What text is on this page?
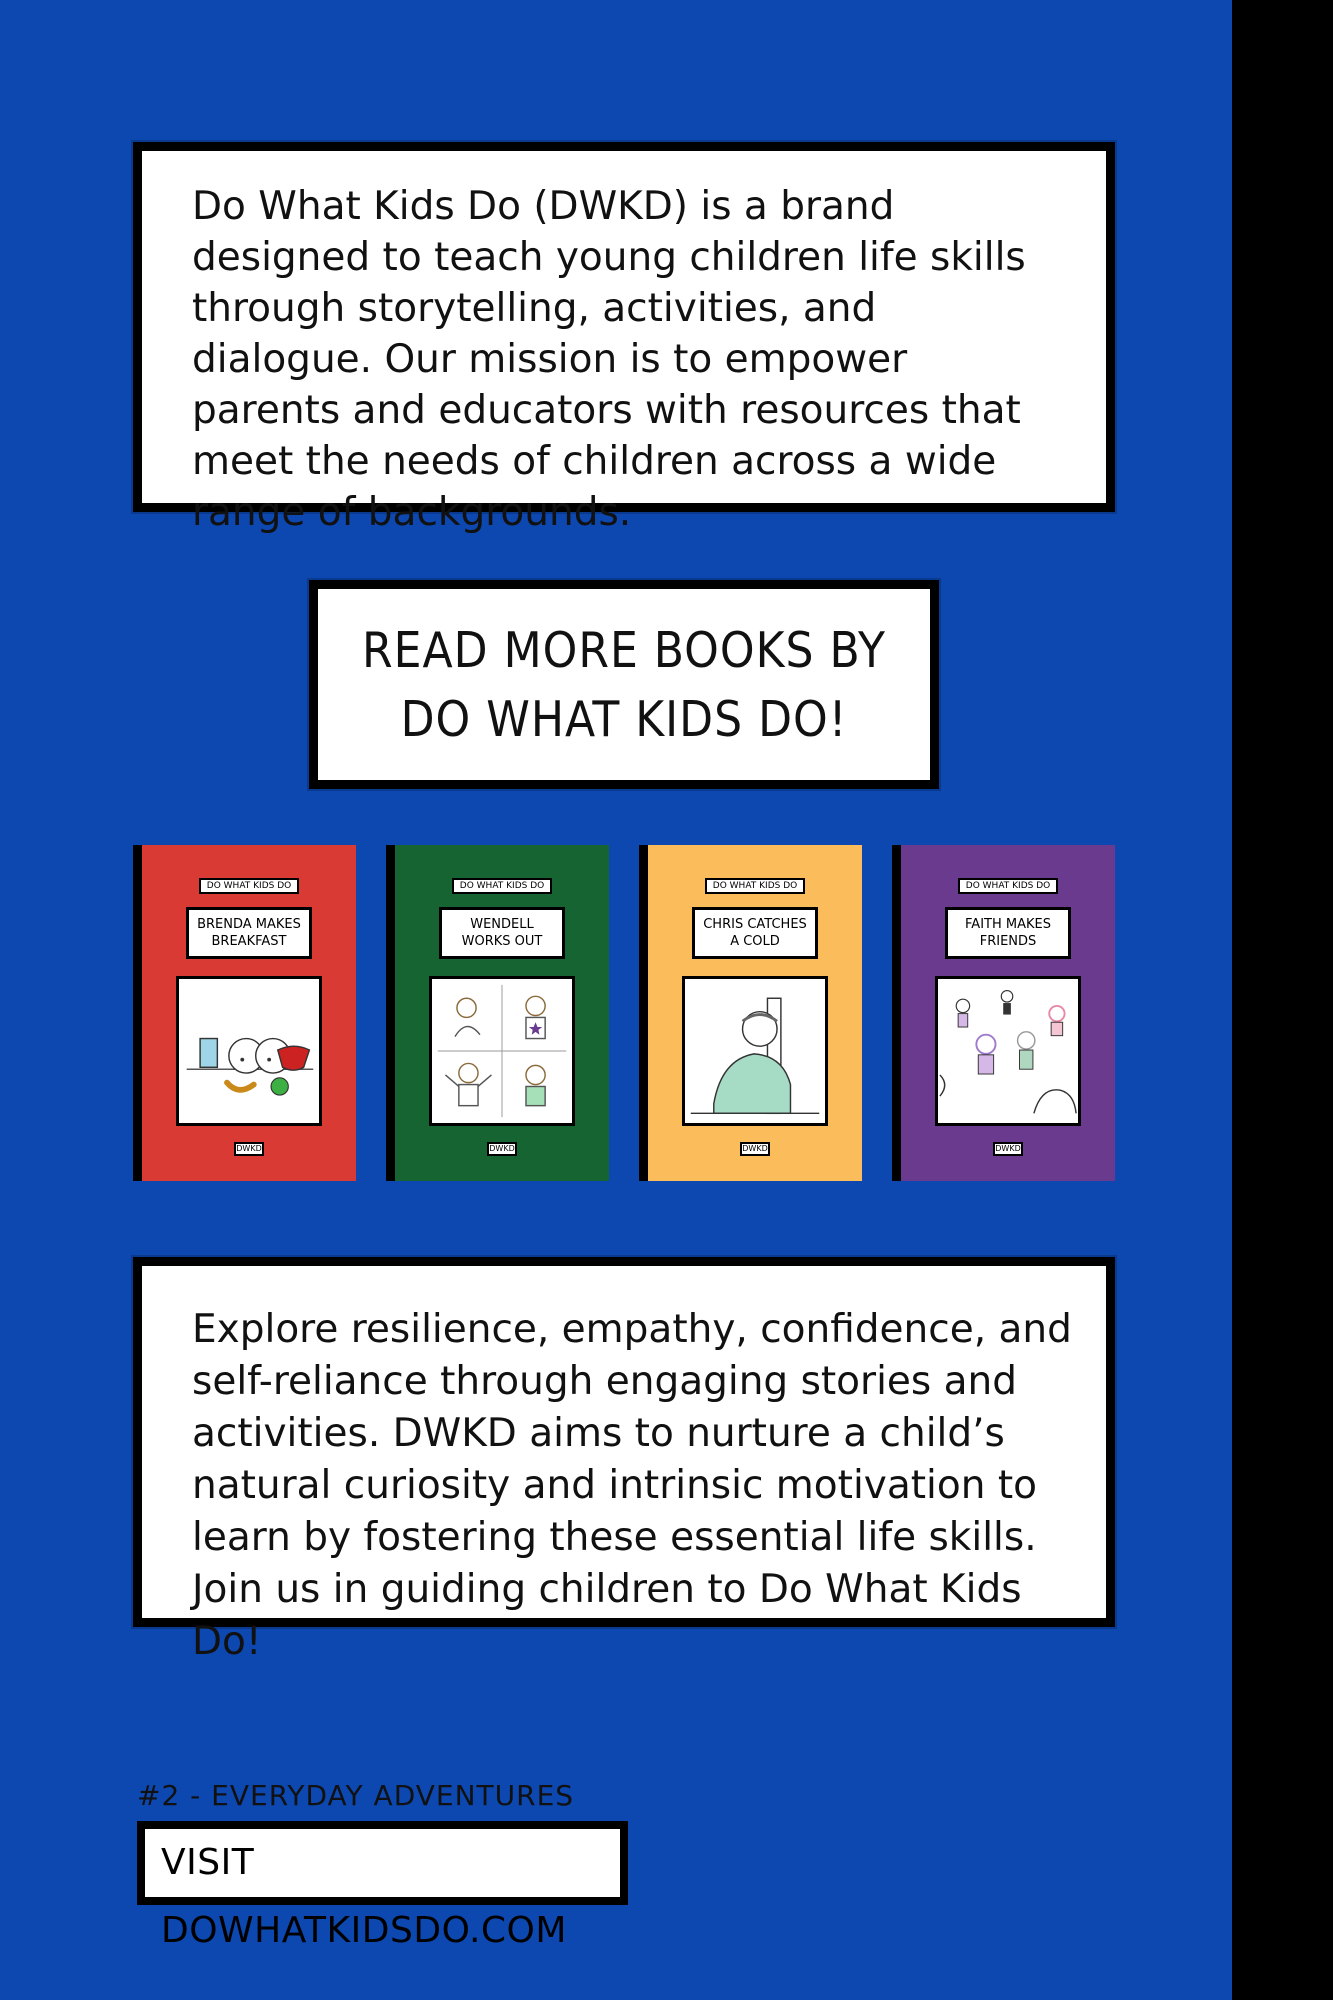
Do What Kids Do (DWKD) is a brand designed to teach young children life skills through storytelling, activities, and dialogue. Our mission is to empower parents and educators with resources that meet the needs of children across a wide range of backgrounds.

READ MORE BOOKS BY
DO WHAT KIDS DO!
DO WHAT KIDS DO
BRENDA MAKES BREAKFAST
DWKD
DO WHAT KIDS DO
WENDELL WORKS OUT
DWKD
DO WHAT KIDS DO
CHRIS CATCHES A COLD
DWKD
DO WHAT KIDS DO
FAITH MAKES FRIENDS
DWKD

Explore resilience, empathy, confidence, and self-reliance through engaging stories and activities. DWKD aims to nurture a child’s natural curiosity and intrinsic motivation to learn by fostering these essential life skills. Join us in guiding children to Do What Kids Do!

#2 - EVERYDAY ADVENTURES
VISIT DOWHATKIDSDO.COM
